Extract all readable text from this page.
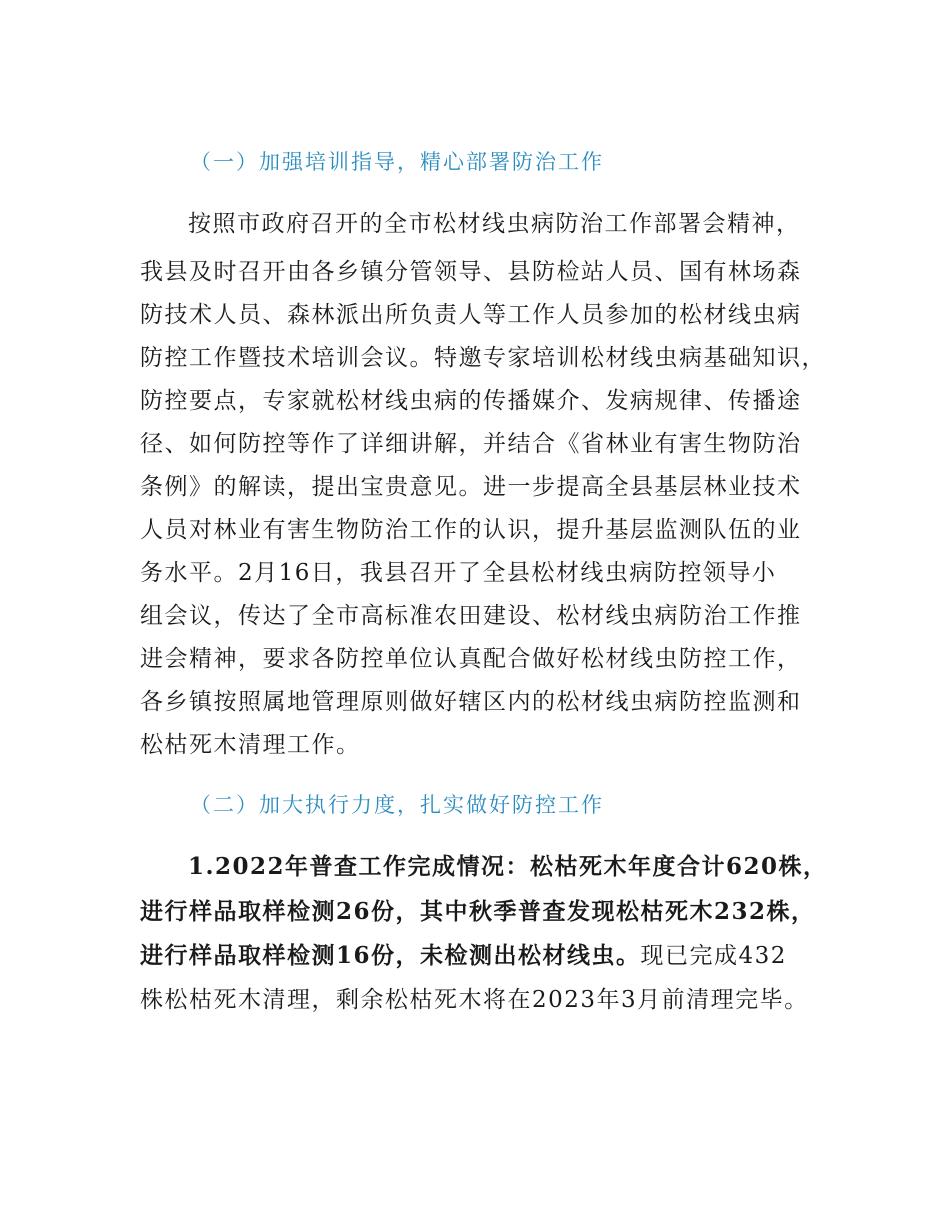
（一）加强培训指导，精心部署防治工作
按照市政府召开的全市松材线虫病防治工作部署会精神，
我县及时召开由各乡镇分管领导、县防检站人员、国有林场森
防技术人员、森林派出所负责人等工作人员参加的松材线虫病
防控工作暨技术培训会议。特邀专家培训松材线虫病基础知识，
防控要点，专家就松材线虫病的传播媒介、发病规律、传播途
径、如何防控等作了详细讲解，并结合《省林业有害生物防治
条例》的解读，提出宝贵意见。进一步提高全县基层林业技术
人员对林业有害生物防治工作的认识，提升基层监测队伍的业
务水平。2月16日，我县召开了全县松材线虫病防控领导小
组会议，传达了全市高标准农田建设、松材线虫病防治工作推
进会精神，要求各防控单位认真配合做好松材线虫防控工作，
各乡镇按照属地管理原则做好辖区内的松材线虫病防控监测和
松枯死木清理工作。
（二）加大执行力度，扎实做好防控工作
1.2022年普查工作完成情况：松枯死木年度合计620株，
进行样品取样检测26份，其中秋季普查发现松枯死木232株，
进行样品取样检测16份，未检测出松材线虫。现已完成432
株松枯死木清理，剩余松枯死木将在2023年3月前清理完毕。
